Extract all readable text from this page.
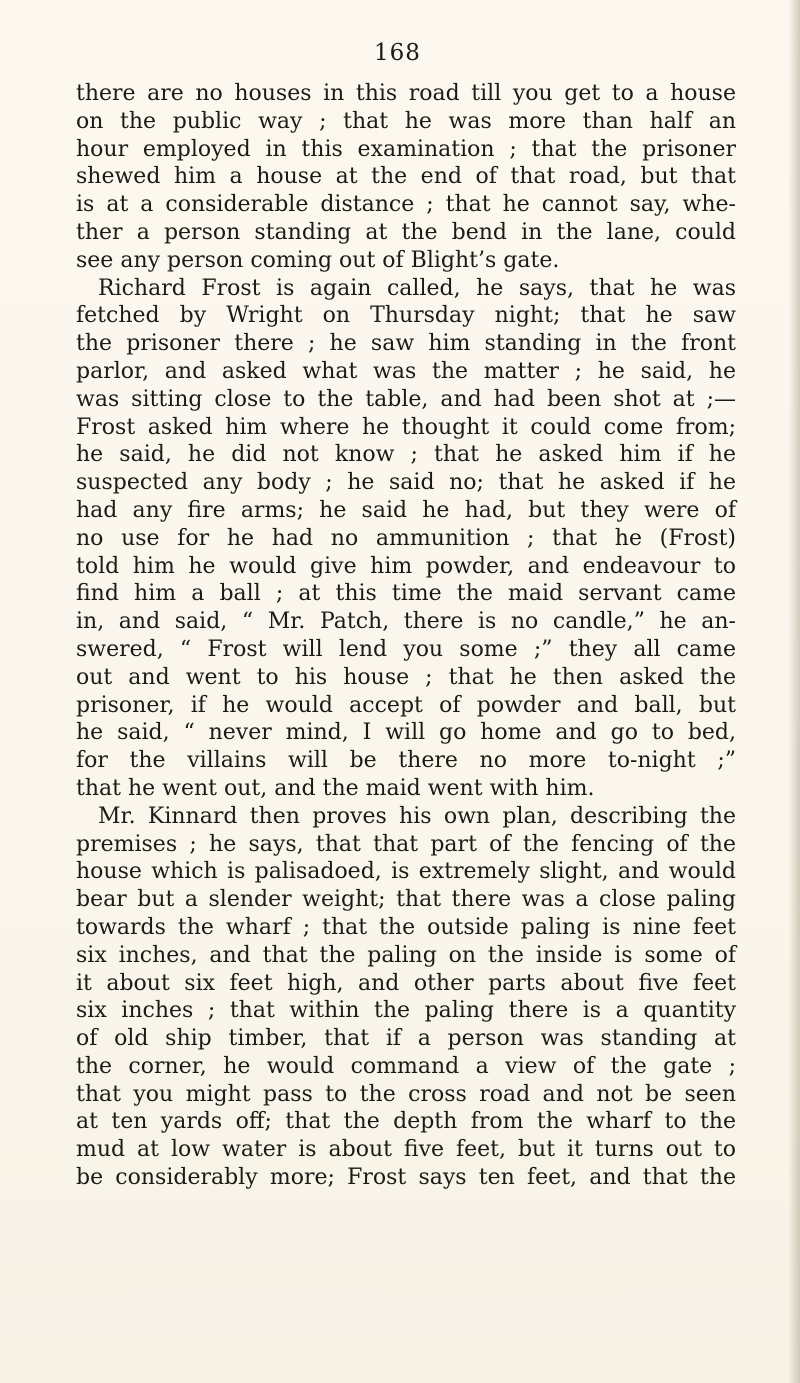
168
there are no houses in this road till you get to a house
on the public way ; that he was more than half an
hour employed in this examination ; that the prisoner
shewed him a house at the end of that road, but that
is at a considerable distance ; that he cannot say, whe-
ther a person standing at the bend in the lane, could
see any person coming out of Blight’s gate.
Richard Frost is again called, he says, that he was
fetched by Wright on Thursday night; that he saw
the prisoner there ; he saw him standing in the front
parlor, and asked what was the matter ; he said, he
was sitting close to the table, and had been shot at ;—
Frost asked him where he thought it could come from;
he said, he did not know ; that he asked him if he
suspected any body ; he said no; that he asked if he
had any fire arms; he said he had, but they were of
no use for he had no ammunition ; that he (Frost)
told him he would give him powder, and endeavour to
find him a ball ; at this time the maid servant came
in, and said, “ Mr. Patch, there is no candle,” he an-
swered, “ Frost will lend you some ;” they all came
out and went to his house ; that he then asked the
prisoner, if he would accept of powder and ball, but
he said, “ never mind, I will go home and go to bed,
for the villains will be there no more to-night ;”
that he went out, and the maid went with him.
Mr. Kinnard then proves his own plan, describing the
premises ; he says, that that part of the fencing of the
house which is palisadoed, is extremely slight, and would
bear but a slender weight; that there was a close paling
towards the wharf ; that the outside paling is nine feet
six inches, and that the paling on the inside is some of
it about six feet high, and other parts about five feet
six inches ; that within the paling there is a quantity
of old ship timber, that if a person was standing at
the corner, he would command a view of the gate ;
that you might pass to the cross road and not be seen
at ten yards off; that the depth from the wharf to the
mud at low water is about five feet, but it turns out to
be considerably more; Frost says ten feet, and that the
